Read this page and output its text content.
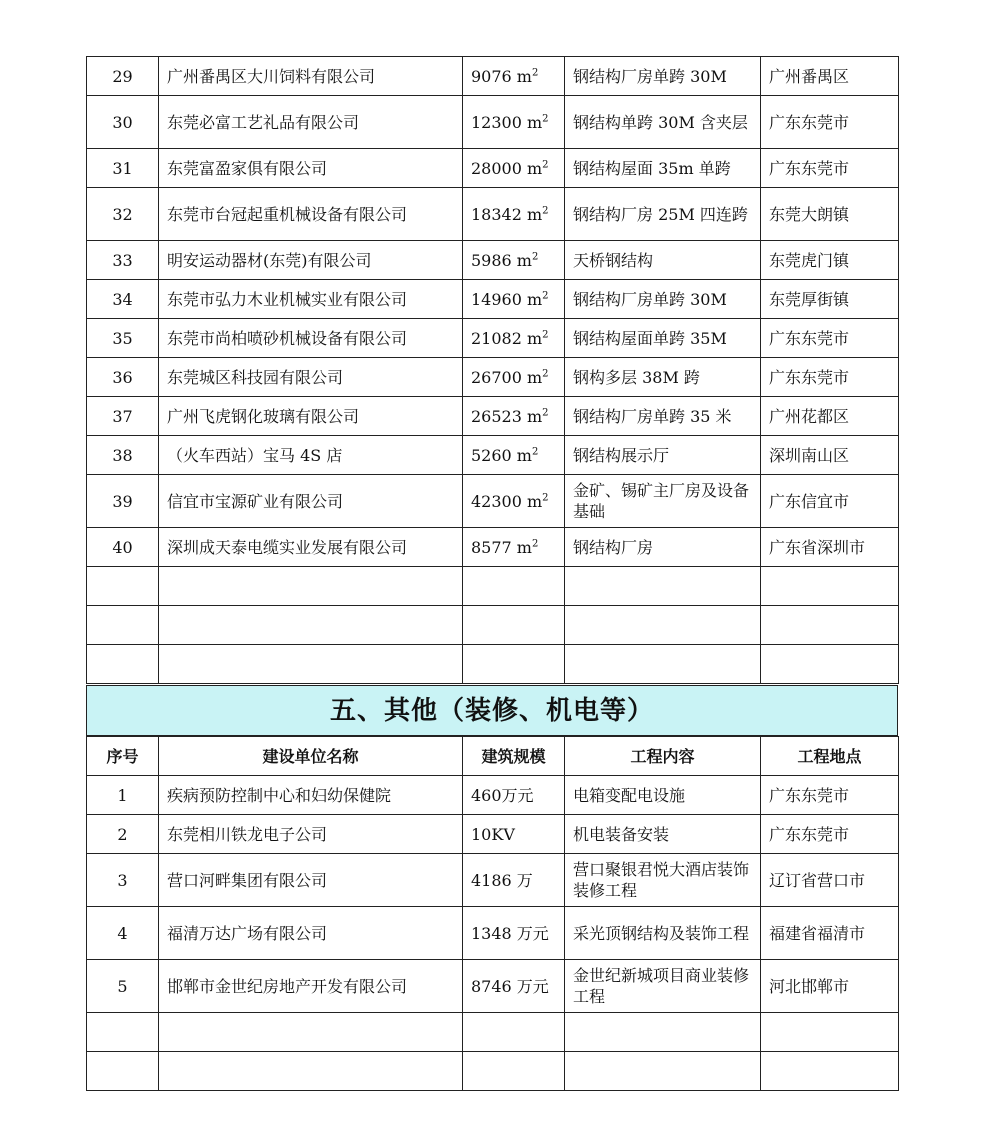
29	广州番禺区大川饲料有限公司	9076 $m^2$	钢结构厂房单跨 30M	广州番禺区
30	东莞必富工艺礼品有限公司	12300 $m^2$	钢结构单跨 30M 含夹层	广东东莞市
31	东莞富盈家俱有限公司	28000 $m^2$	钢结构屋面 35m 单跨	广东东莞市
32	东莞市台冠起重机械设备有限公司	18342 $m^2$	钢结构厂房 25M 四连跨	东莞大朗镇
33	明安运动器材(东莞)有限公司	5986 $m^2$	天桥钢结构	东莞虎门镇
34	东莞市弘力木业机械实业有限公司	14960 $m^2$	钢结构厂房单跨 30M	东莞厚街镇
35	东莞市尚柏喷砂机械设备有限公司	21082 $m^2$	钢结构屋面单跨 35M	广东东莞市
36	东莞城区科技园有限公司	26700 $m^2$	钢构多层 38M 跨	广东东莞市
37	广州飞虎钢化玻璃有限公司	26523 $m^2$	钢结构厂房单跨 35 米	广州花都区
38	（火车西站）宝马 4S 店	5260 $m^2$	钢结构展示厅	深圳南山区
39	信宜市宝源矿业有限公司	42300 $m^2$	金矿、锡矿主厂房及设备基础	广东信宜市
40	深圳成天泰电缆实业发展有限公司	8577 $m^2$	钢结构厂房	广东省深圳市

五、其他（装修、机电等）
序号	建设单位名称	建筑规模	工程内容	工程地点
1	疾病预防控制中心和妇幼保健院	460万元	电箱变配电设施	广东东莞市
2	东莞相川铁龙电子公司	10KV	机电装备安装	广东东莞市
3	营口河畔集团有限公司	4186 万	营口聚银君悦大酒店装饰装修工程	辽订省营口市
4	福清万达广场有限公司	1348 万元	采光顶钢结构及装饰工程	福建省福清市
5	邯郸市金世纪房地产开发有限公司	8746 万元	金世纪新城项目商业装修工程	河北邯郸市
